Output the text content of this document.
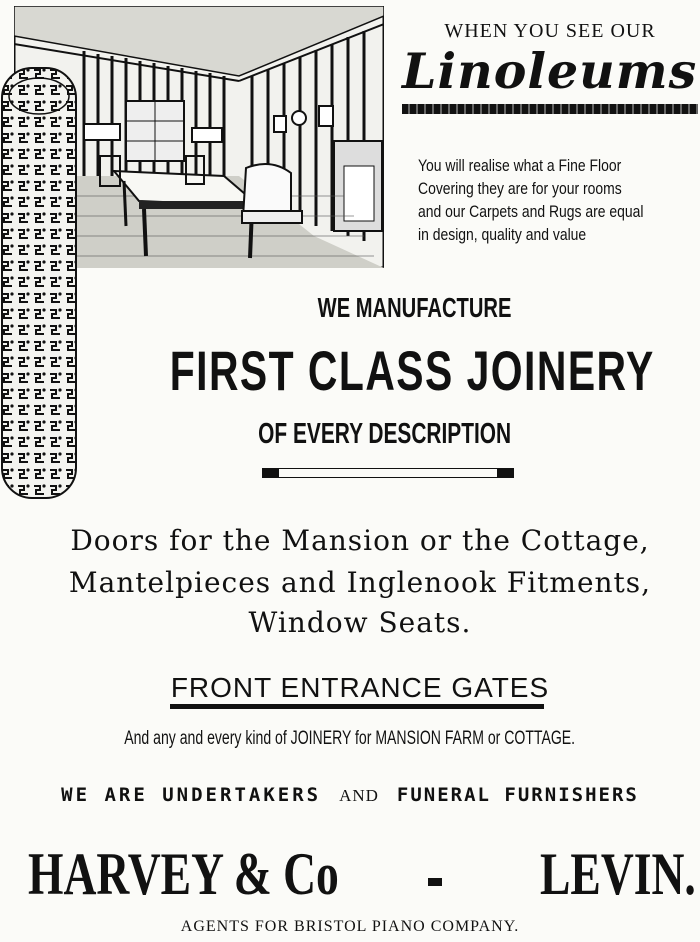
WHEN YOU SEE OUR
Linoleums
You will realise what a Fine Floor
Covering they are for your rooms
and our Carpets and Rugs are equal
in design, quality and value
WE MANUFACTURE
FIRST CLASS JOINERY
OF EVERY DESCRIPTION
Doors for the Mansion or the Cottage,
Mantelpieces and Inglenook Fitments,
Window Seats.
FRONT ENTRANCE GATES
And any and every kind of JOINERY for MANSION FARM or COTTAGE.
WE ARE UNDERTAKERS AND FUNERAL FURNISHERS
HARVEY & Co	LEVIN.
AGENTS FOR BRISTOL PIANO COMPANY.
